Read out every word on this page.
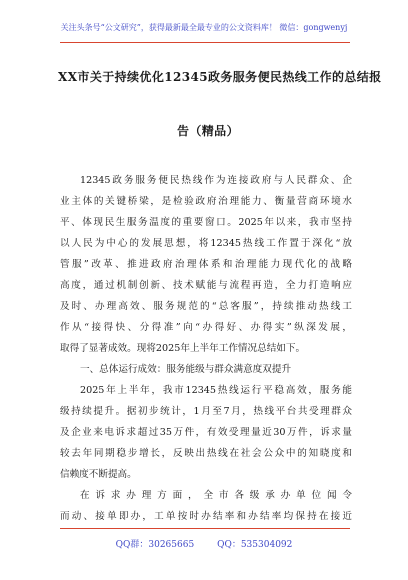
关注头条号“公文研究”，获得最新最全最专业的公文资料库！ 微信：gongwenyj
XX市关于持续优化12345政务服务便民热线工作的总结报
告（精品）
12345政务服务便民热线作为连接政府与人民群众、企
业主体的关键桥梁，是检验政府治理能力、衡量营商环境水
平、体现民生服务温度的重要窗口。2025年以来，我市坚持
以人民为中心的发展思想，将12345热线工作置于深化“放
管服”改革、推进政府治理体系和治理能力现代化的战略
高度，通过机制创新、技术赋能与流程再造，全力打造响应
及时、办理高效、服务规范的“总客服”，持续推动热线工
作从“接得快、分得准”向“办得好、办得实”纵深发展，
取得了显著成效。现将2025年上半年工作情况总结如下。
一、总体运行成效：服务能级与群众满意度双提升
2025年上半年，我市12345热线运行平稳高效，服务能
级持续提升。据初步统计，1月至7月，热线平台共受理群众
及企业来电诉求超过35万件，有效受理量近30万件，诉求量
较去年同期稳步增长，反映出热线在社会公众中的知晓度和
信赖度不断提高。
在诉求办理方面，全市各级承办单位闻令
而动、接单即办，工单按时办结率和办结率均保持在接近
QQ群：30265665	QQ：535304092
